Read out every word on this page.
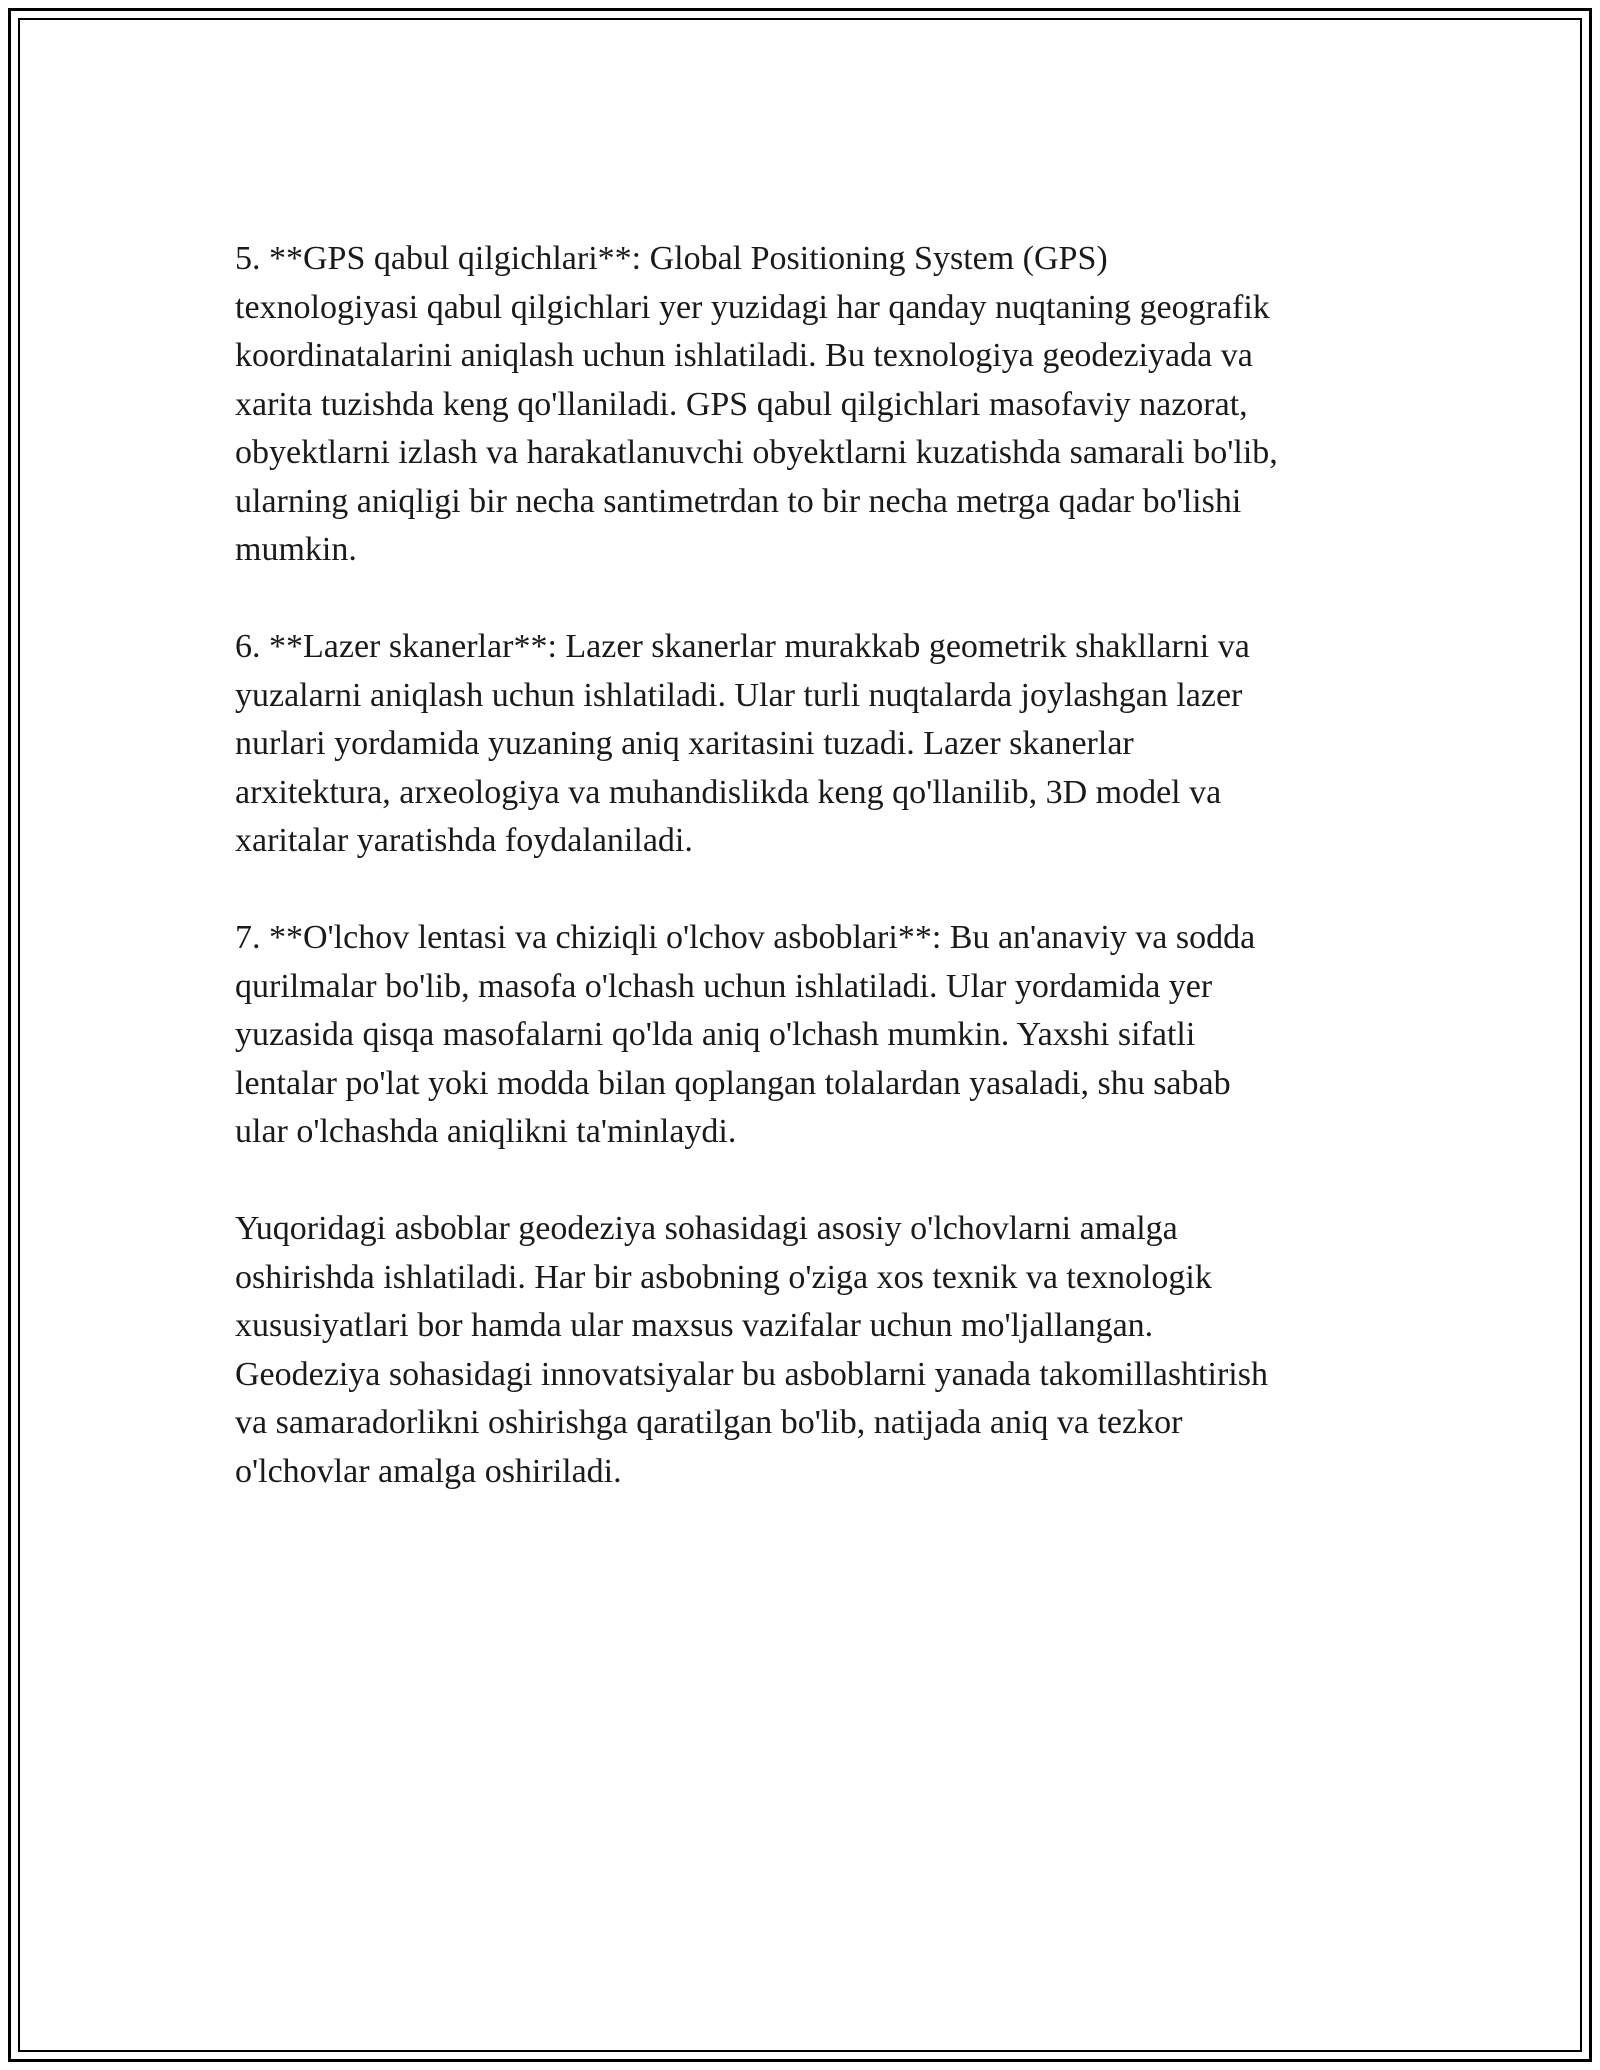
5. **GPS qabul qilgichlari**: Global Positioning System (GPS)
texnologiyasi qabul qilgichlari yer yuzidagi har qanday nuqtaning geografik
koordinatalarini aniqlash uchun ishlatiladi. Bu texnologiya geodeziyada va
xarita tuzishda keng qo'llaniladi. GPS qabul qilgichlari masofaviy nazorat,
obyektlarni izlash va harakatlanuvchi obyektlarni kuzatishda samarali bo'lib,
ularning aniqligi bir necha santimetrdan to bir necha metrga qadar bo'lishi
mumkin.

6. **Lazer skanerlar**: Lazer skanerlar murakkab geometrik shakllarni va
yuzalarni aniqlash uchun ishlatiladi. Ular turli nuqtalarda joylashgan lazer
nurlari yordamida yuzaning aniq xaritasini tuzadi. Lazer skanerlar
arxitektura, arxeologiya va muhandislikda keng qo'llanilib, 3D model va
xaritalar yaratishda foydalaniladi.

7. **O'lchov lentasi va chiziqli o'lchov asboblari**: Bu an'anaviy va sodda
qurilmalar bo'lib, masofa o'lchash uchun ishlatiladi. Ular yordamida yer
yuzasida qisqa masofalarni qo'lda aniq o'lchash mumkin. Yaxshi sifatli
lentalar po'lat yoki modda bilan qoplangan tolalardan yasaladi, shu sabab
ular o'lchashda aniqlikni ta'minlaydi.

Yuqoridagi asboblar geodeziya sohasidagi asosiy o'lchovlarni amalga
oshirishda ishlatiladi. Har bir asbobning o'ziga xos texnik va texnologik
xususiyatlari bor hamda ular maxsus vazifalar uchun mo'ljallangan.
Geodeziya sohasidagi innovatsiyalar bu asboblarni yanada takomillashtirish
va samaradorlikni oshirishga qaratilgan bo'lib, natijada aniq va tezkor
o'lchovlar amalga oshiriladi.
